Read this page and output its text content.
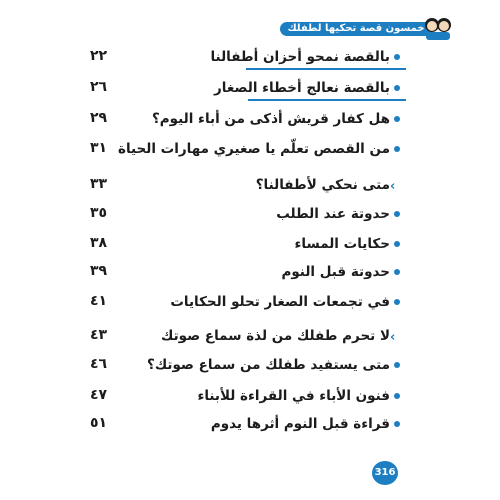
خمسون قصة تحكيها لطفلك
بالقصة نمحو أحزان أطفالنا
٢٢
بالقصة نعالج أخطاء الصغار
٢٦
هل كفار قريش أذكى من أباء اليوم؟
٢٩
من القصص تعلّم يا صغيري مهارات الحياة
٣١
متى نحكي لأطفالنا؟ ‹
٣٣
حدوتة عند الطلب
٣٥
حكايات المساء
٣٨
حدوتة قبل النوم
٣٩
في تجمعات الصغار تحلو الحكايات
٤١
لا تحرم طفلك من لذة سماع صوتك ‹
٤٣
متى يستفيد طفلك من سماع صوتك؟
٤٦
فنون الأباء في القراءة للأبناء
٤٧
قراءة قبل النوم أثرها يدوم
٥١
316
